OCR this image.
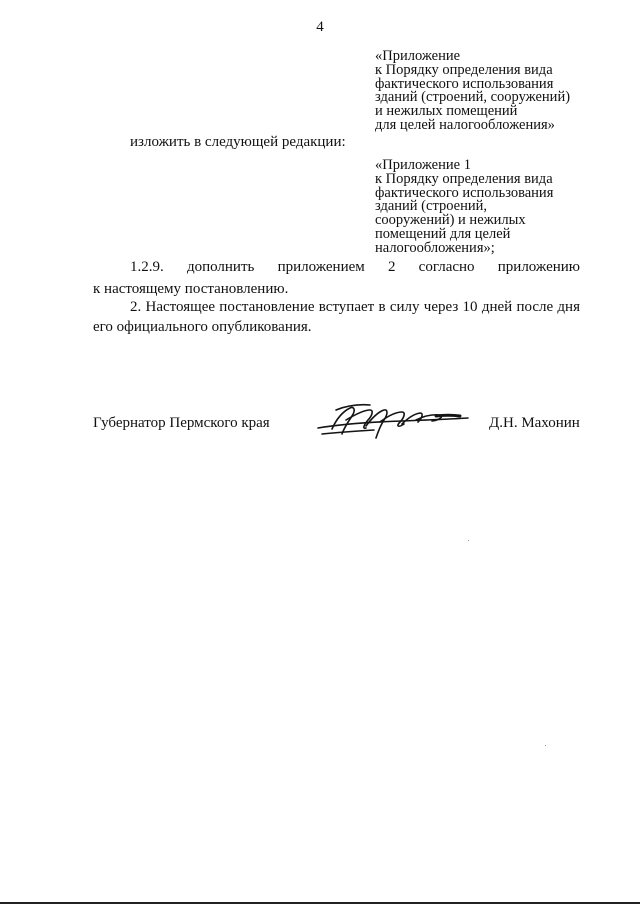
4
«Приложение
к Порядку определения вида
фактического использования
зданий (строений, сооружений)
и нежилых помещений
для целей налогообложения»
изложить в следующей редакции:
«Приложение 1
к Порядку определения вида
фактического использования
зданий (строений,
сооружений) и нежилых
помещений для целей
налогообложения»;
1.2.9. дополнить приложением 2 согласно приложению
к настоящему постановлению.
2. Настоящее постановление вступает в силу через 10 дней после дня
его официального опубликования.
Губернатор Пермского края	Д.Н. Махонин
